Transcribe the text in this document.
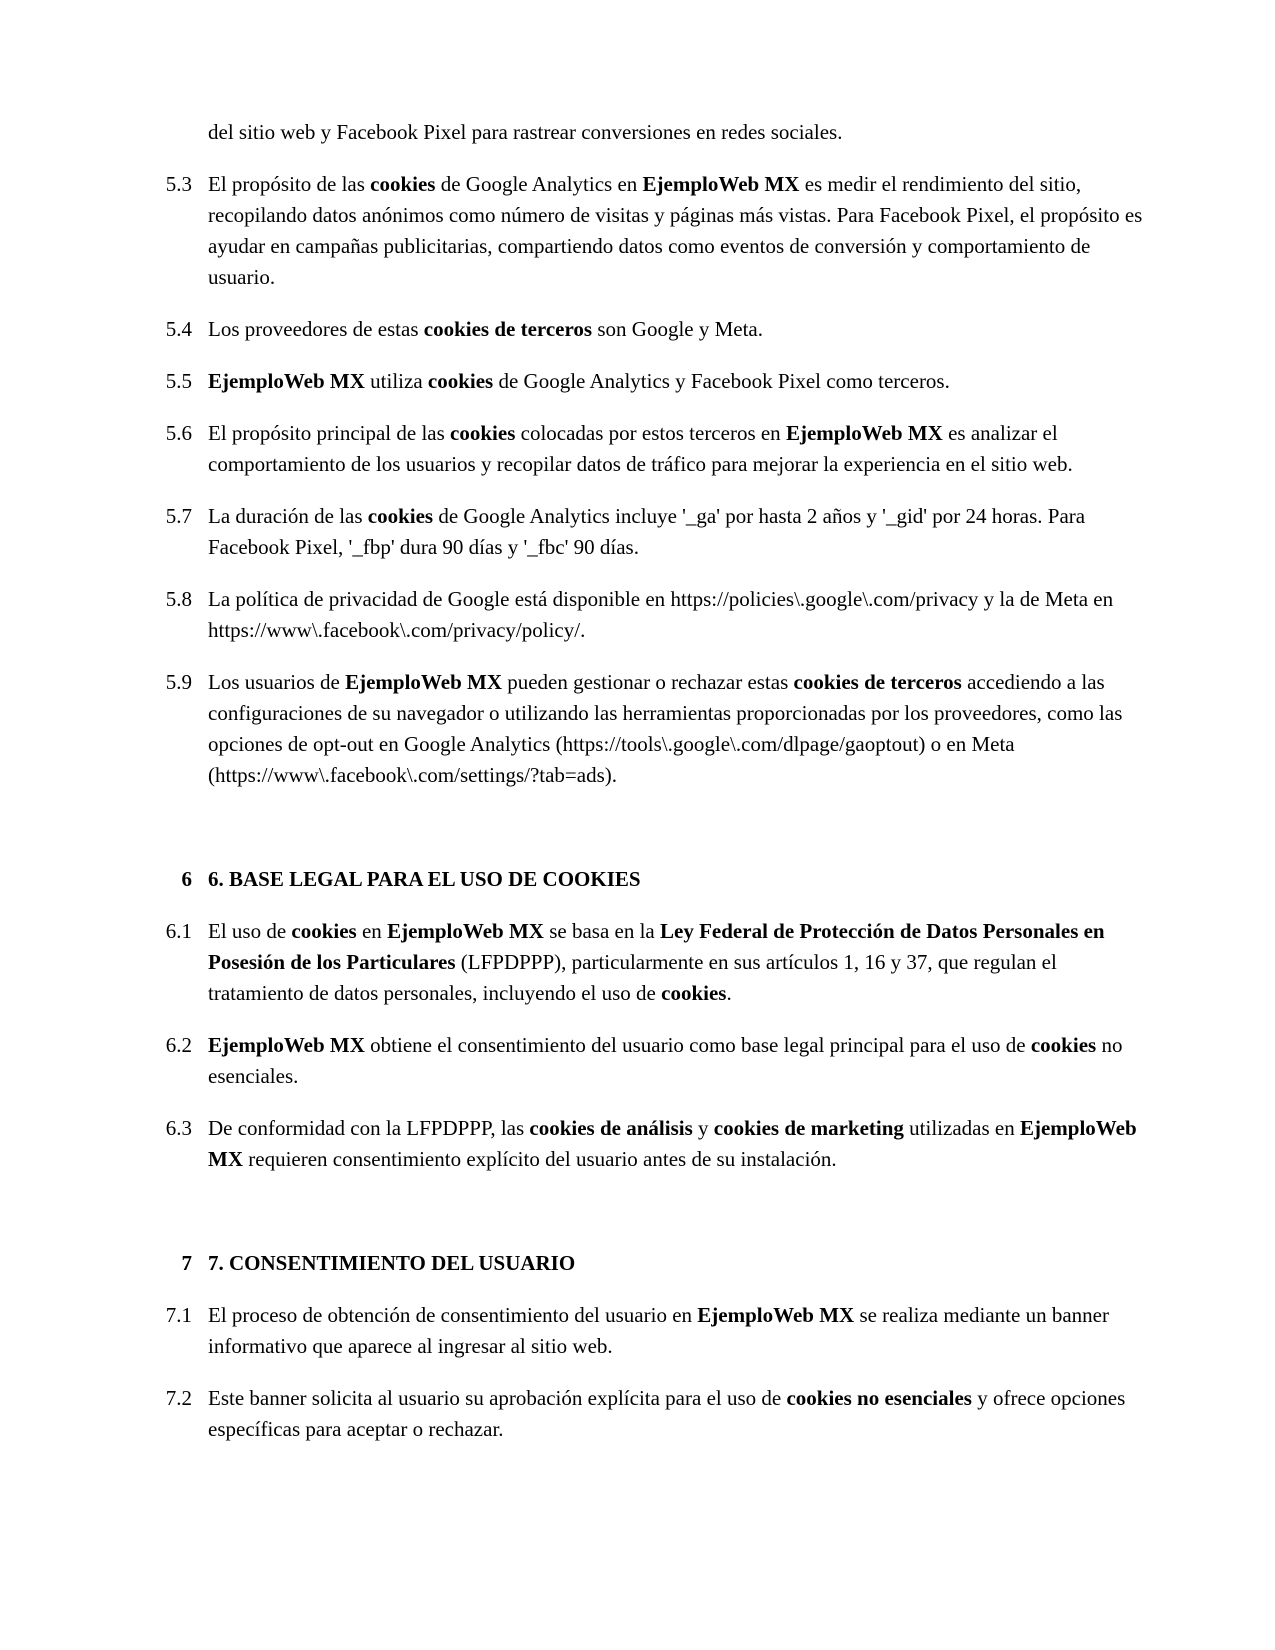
del sitio web y Facebook Pixel para rastrear conversiones en redes sociales.

5.3 El propósito de las cookies de Google Analytics en EjemploWeb MX es medir el rendimiento del sitio, recopilando datos anónimos como número de visitas y páginas más vistas. Para Facebook Pixel, el propósito es ayudar en campañas publicitarias, compartiendo datos como eventos de conversión y comportamiento de usuario.

5.4 Los proveedores de estas cookies de terceros son Google y Meta.

5.5 EjemploWeb MX utiliza cookies de Google Analytics y Facebook Pixel como terceros.

5.6 El propósito principal de las cookies colocadas por estos terceros en EjemploWeb MX es analizar el comportamiento de los usuarios y recopilar datos de tráfico para mejorar la experiencia en el sitio web.

5.7 La duración de las cookies de Google Analytics incluye '_ga' por hasta 2 años y '_gid' por 24 horas. Para Facebook Pixel, '_fbp' dura 90 días y '_fbc' 90 días.

5.8 La política de privacidad de Google está disponible en https://policies\.google\.com/privacy y la de Meta en https://www\.facebook\.com/privacy/policy/.

5.9 Los usuarios de EjemploWeb MX pueden gestionar o rechazar estas cookies de terceros accediendo a las configuraciones de su navegador o utilizando las herramientas proporcionadas por los proveedores, como las opciones de opt-out en Google Analytics (https://tools\.google\.com/dlpage/gaoptout) o en Meta (https://www\.facebook\.com/settings/?tab=ads).

6 6. BASE LEGAL PARA EL USO DE COOKIES

6.1 El uso de cookies en EjemploWeb MX se basa en la Ley Federal de Protección de Datos Personales en Posesión de los Particulares (LFPDPPP), particularmente en sus artículos 1, 16 y 37, que regulan el tratamiento de datos personales, incluyendo el uso de cookies.

6.2 EjemploWeb MX obtiene el consentimiento del usuario como base legal principal para el uso de cookies no esenciales.

6.3 De conformidad con la LFPDPPP, las cookies de análisis y cookies de marketing utilizadas en EjemploWeb MX requieren consentimiento explícito del usuario antes de su instalación.

7 7. CONSENTIMIENTO DEL USUARIO

7.1 El proceso de obtención de consentimiento del usuario en EjemploWeb MX se realiza mediante un banner informativo que aparece al ingresar al sitio web.

7.2 Este banner solicita al usuario su aprobación explícita para el uso de cookies no esenciales y ofrece opciones específicas para aceptar o rechazar.
